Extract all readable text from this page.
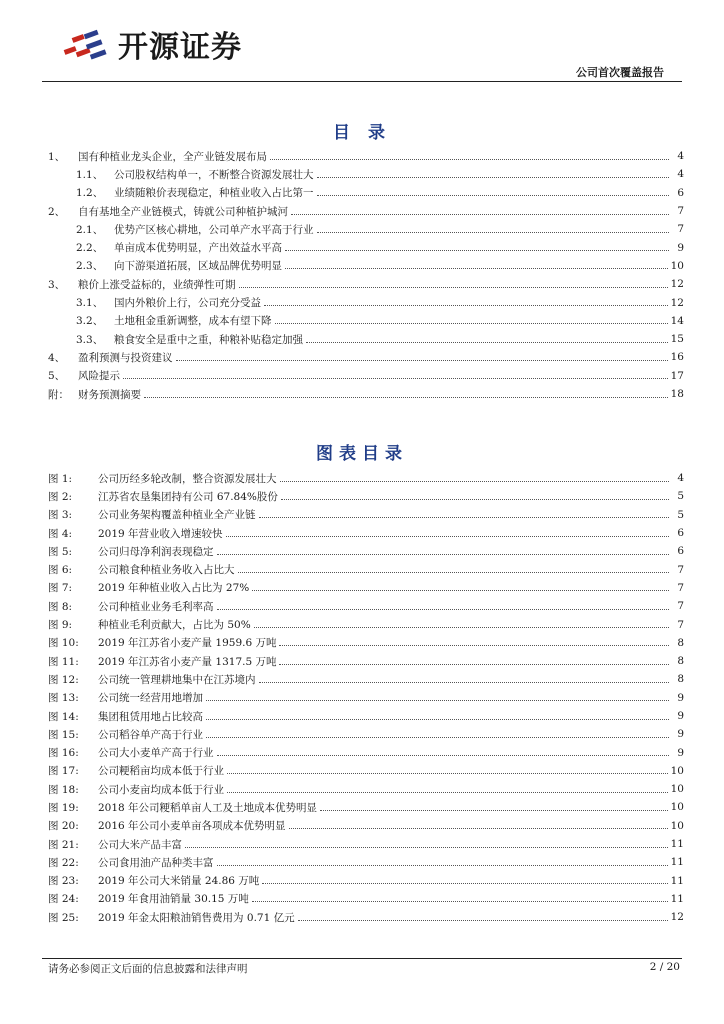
开源证券
公司首次覆盖报告
目 录
1、	国有种植业龙头企业，全产业链发展布局	4
1.1、	公司股权结构单一，不断整合资源发展壮大	4
1.2、	业绩随粮价表现稳定，种植业收入占比第一	6
2、	自有基地全产业链模式，铸就公司种植护城河	7
2.1、	优势产区核心耕地，公司单产水平高于行业	7
2.2、	单亩成本优势明显，产出效益水平高	9
2.3、	向下游渠道拓展，区域品牌优势明显	10
3、	粮价上涨受益标的，业绩弹性可期	12
3.1、	国内外粮价上行，公司充分受益	12
3.2、	土地租金重新调整，成本有望下降	14
3.3、	粮食安全是重中之重，种粮补贴稳定加强	15
4、	盈利预测与投资建议	16
5、	风险提示	17
附： 财务预测摘要	18
图表目录
图 1:	公司历经多轮改制，整合资源发展壮大	4
图 2:	江苏省农垦集团持有公司 67.84%股份	5
图 3:	公司业务架构覆盖种植业全产业链	5
图 4:	2019 年营业收入增速较快	6
图 5:	公司归母净利润表现稳定	6
图 6:	公司粮食种植业务收入占比大	7
图 7:	2019 年种植业收入占比为 27%	7
图 8:	公司种植业业务毛利率高	7
图 9:	种植业毛利贡献大，占比为 50%	7
图 10:	2019 年江苏省小麦产量 1959.6 万吨	8
图 11:	2019 年江苏省小麦产量 1317.5 万吨	8
图 12:	公司统一管理耕地集中在江苏境内	8
图 13:	公司统一经营用地增加	9
图 14:	集团租赁用地占比较高	9
图 15:	公司稻谷单产高于行业	9
图 16:	公司大小麦单产高于行业	9
图 17:	公司粳稻亩均成本低于行业	10
图 18:	公司小麦亩均成本低于行业	10
图 19:	2018 年公司粳稻单亩人工及土地成本优势明显	10
图 20:	2016 年公司小麦单亩各项成本优势明显	10
图 21:	公司大米产品丰富	11
图 22:	公司食用油产品种类丰富	11
图 23:	2019 年公司大米销量 24.86 万吨	11
图 24:	2019 年食用油销量 30.15 万吨	11
图 25:	2019 年金太阳粮油销售费用为 0.71 亿元	12
请务必参阅正文后面的信息披露和法律声明	2 / 20
